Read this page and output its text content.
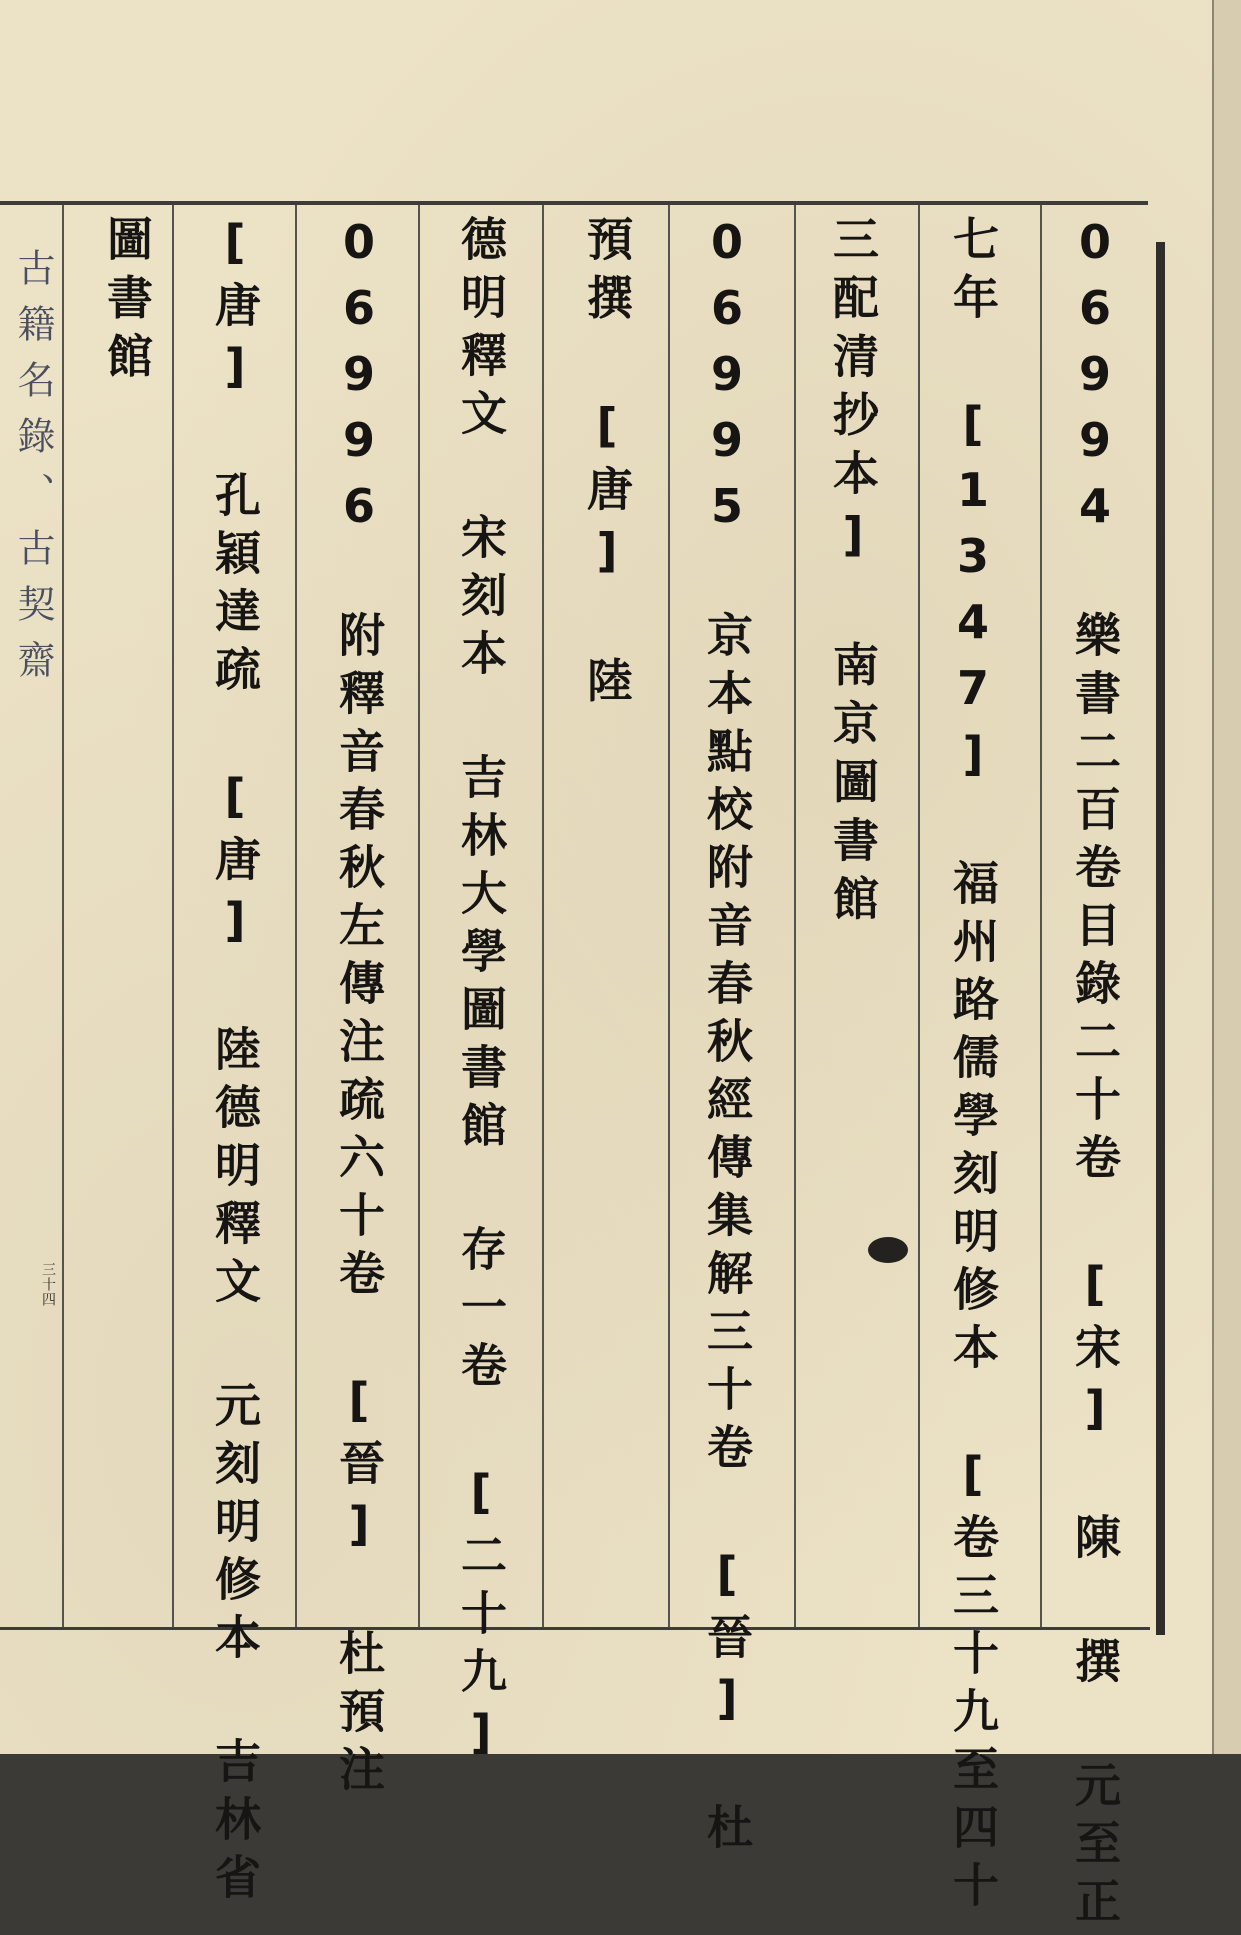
06994 樂書二百卷目錄二十卷 [宋] 陳 撰 元至正
七年 [1347] 福州路儒學刻明修本 [卷三十九至四十
三配清抄本] 南京圖書館
06995 京本點校附音春秋經傳集解三十卷 [晉] 杜
預撰 [唐] 陸
德明釋文 宋刻本 吉林大學圖書館 存一卷 [二十九]
06996 附釋音春秋左傳注疏六十卷 [晉] 杜預注
[唐] 孔穎達疏 [唐] 陸德明釋文 元刻明修本 吉林省
圖書館
古籍名錄、古契齋
三十四
